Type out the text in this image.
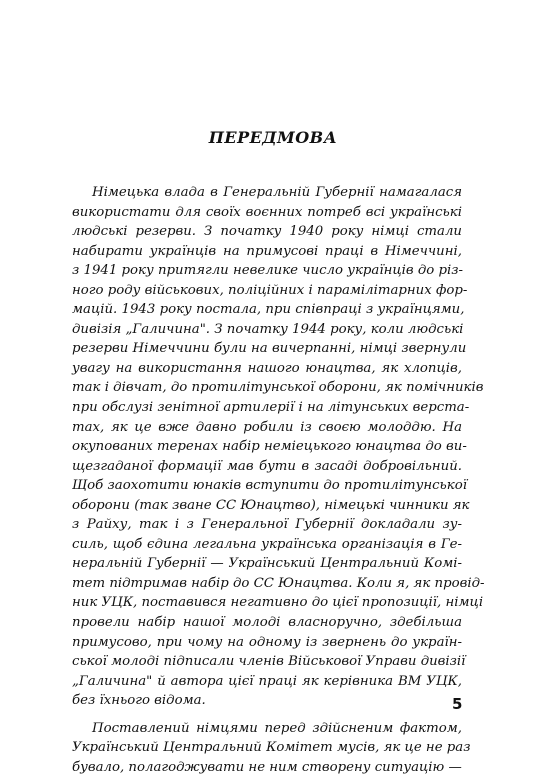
ПЕРЕДМОВА
Німецька влада в Генеральній Губернії намагалася
використати для своїх воєнних потреб всі українські
людські резерви. З початку 1940 року німці стали
набирати українців на примусові праці в Німеччині,
з 1941 року притягли невелике число українців до різ-
ного роду військових, поліційних і парамілітарних фор-
мацій. 1943 року постала, при співпраці з українцями,
дивізія „Галичина". З початку 1944 року, коли людські
резерви Німеччини були на вичерпанні, німці звернули
увагу на використання нашого юнацтва, як хлопців,
так і дівчат, до протилітунської оборони, як помічників
при обслузі зенітної артилерії і на літунських верста-
тах, як це вже давно робили із своєю молоддю. На
окупованих теренах набір неміецького юнацтва до ви-
щезгаданої формації мав бути в засаді добровільний.
Щоб заохотити юнаків вступити до протилітунської
оборони (так зване СС Юнацтво), німецькі чинники як
з Райху, так і з Генеральної Губернії докладали зу-
силь, щоб єдина легальна українська організація в Ге-
неральній Губернії — Український Центральний Комі-
тет підтримав набір до СС Юнацтва. Коли я, як провід-
ник УЦК, поставився негативно до цієї пропозиції, німці
провели набір нашої молоді власноручно, здебільша
примусово, при чому на одному із звернень до україн-
ської молоді підписали членів Військової Управи дивізії
„Галичина" й автора цієї праці як керівника ВМ УЦК,
без їхнього відома.
Поставлений німцями перед здійсненим фактом,
Український Центральний Комітет мусів, як це не раз
бувало, полагоджувати не ним створену ситуацію —
5
